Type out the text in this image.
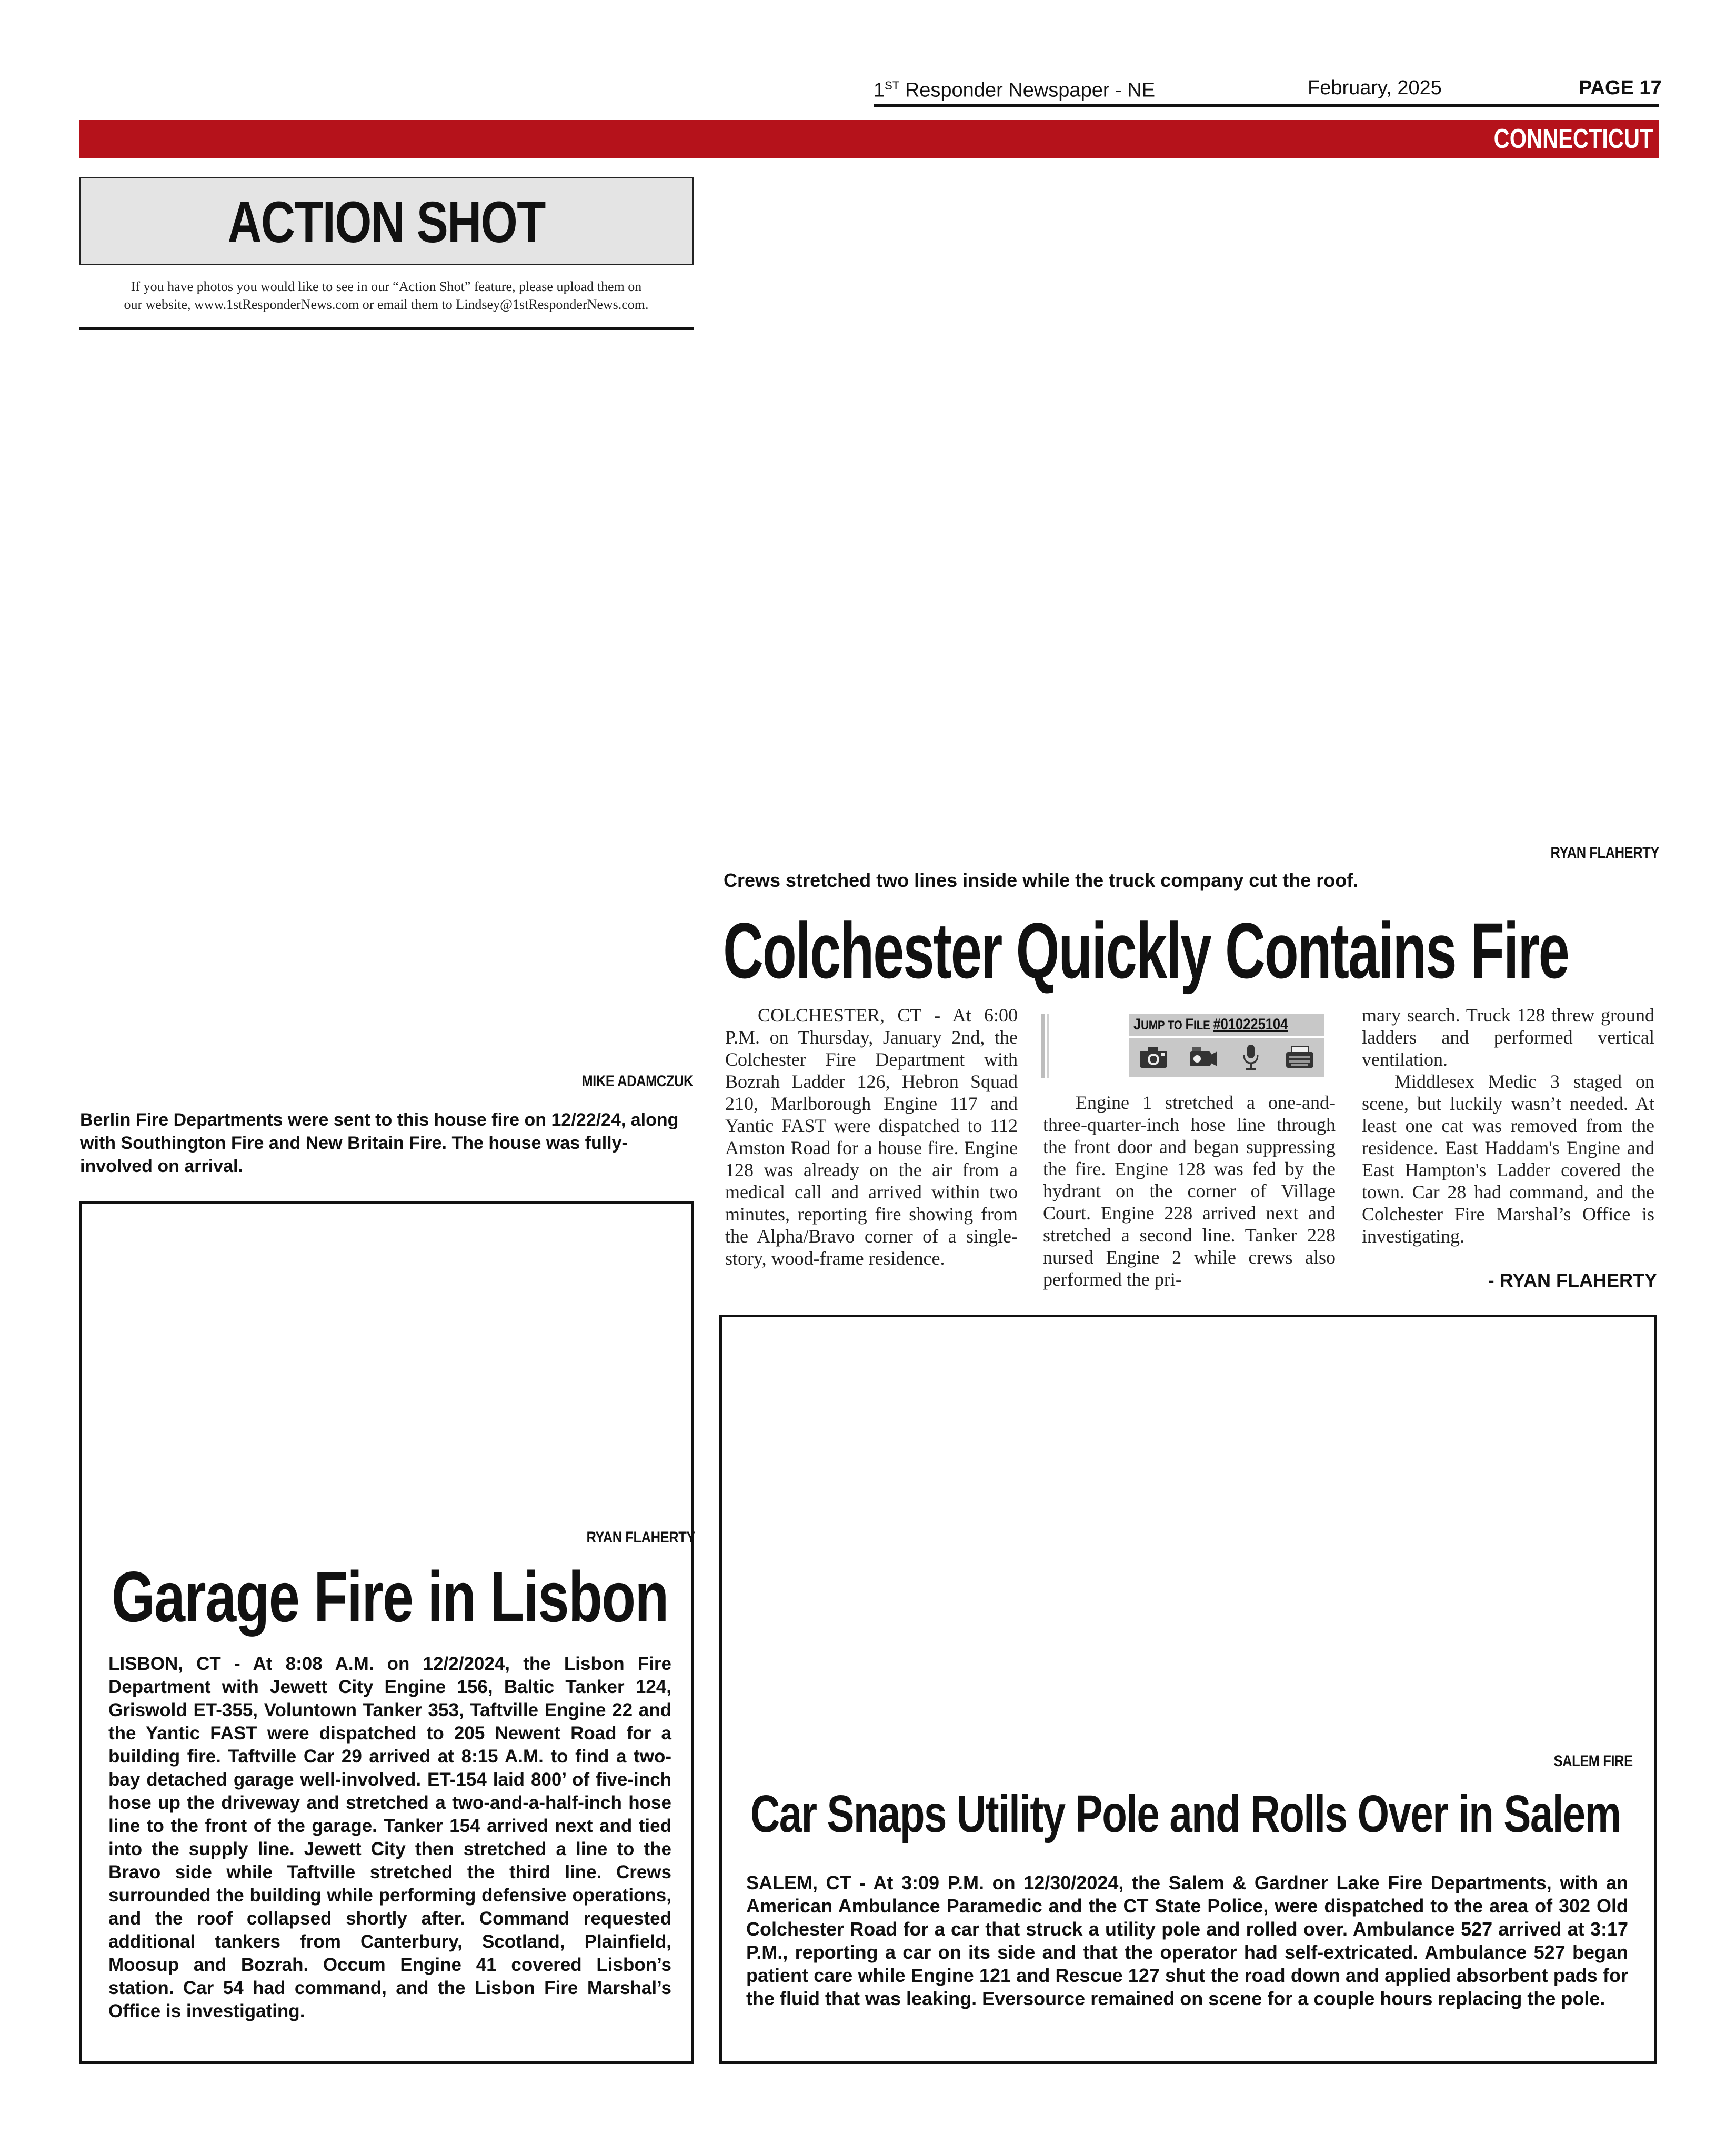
1ST Responder Newspaper - NE	February, 2025	PAGE 17
CONNECTICUT
ACTION SHOT
If you have photos you would like to see in our “Action Shot” feature, please upload them on
our website, www.1stResponderNews.com or email them to Lindsey@1stResponderNews.com.
MIKE ADAMCZUK
Berlin Fire Departments were sent to this house fire on 12/22/24, along with Southington Fire and New Britain Fire. The house was fully-involved on arrival.
RYAN FLAHERTY
Crews stretched two lines inside while the truck company cut the roof.
Colchester Quickly Contains Fire

COLCHESTER, CT - At 6:00 P.M. on Thursday, January 2nd, the Colchester Fire Department with Bozrah Ladder 126, Hebron Squad 210, Marlborough Engine 117 and Yantic FAST were dispatched to 112 Amston Road for a house fire. Engine 128 was already on the air from a medical call and arrived within two minutes, reporting fire showing from the Alpha/Bravo corner of a single-story, wood-frame residence.

JUMP TO FILE #010225104

Engine 1 stretched a one-and-three-quarter-inch hose line through the front door and began suppressing the fire. Engine 128 was fed by the hydrant on the corner of Village Court. Engine 228 arrived next and stretched a second line. Tanker 228 nursed Engine 2 while crews also performed the pri-

mary search. Truck 128 threw ground ladders and performed vertical ventilation.

Middlesex Medic 3 staged on scene, but luckily wasn’t needed. At least one cat was removed from the residence. East Haddam's Engine and East Hampton's Ladder covered the town. Car 28 had command, and the Colchester Fire Marshal’s Office is investigating.

- RYAN FLAHERTY
RYAN FLAHERTY
Garage Fire in Lisbon
LISBON, CT - At 8:08 A.M. on 12/2/2024, the Lisbon Fire Department with Jewett City Engine 156, Baltic Tanker 124, Griswold ET-355, Voluntown Tanker 353, Taftville Engine 22 and the Yantic FAST were dispatched to 205 Newent Road for a building fire. Taftville Car 29 arrived at 8:15 A.M. to find a two-bay detached garage well-involved. ET-154 laid 800’ of five-inch hose up the driveway and stretched a two-and-a-half-inch hose line to the front of the garage. Tanker 154 arrived next and tied into the supply line. Jewett City then stretched a line to the Bravo side while Taftville stretched the third line. Crews surrounded the building while performing defensive operations, and the roof collapsed shortly after. Command requested additional tankers from Canterbury, Scotland, Plainfield, Moosup and Bozrah. Occum Engine 41 covered Lisbon’s station. Car 54 had command, and the Lisbon Fire Marshal’s Office is investigating.
SALEM FIRE
Car Snaps Utility Pole and Rolls Over in Salem
SALEM, CT - At 3:09 P.M. on 12/30/2024, the Salem & Gardner Lake Fire Departments, with an American Ambulance Paramedic and the CT State Police, were dispatched to the area of 302 Old Colchester Road for a car that struck a utility pole and rolled over. Ambulance 527 arrived at 3:17 P.M., reporting a car on its side and that the operator had self-extricated. Ambulance 527 began patient care while Engine 121 and Rescue 127 shut the road down and applied absorbent pads for the fluid that was leaking. Eversource remained on scene for a couple hours replacing the pole.
